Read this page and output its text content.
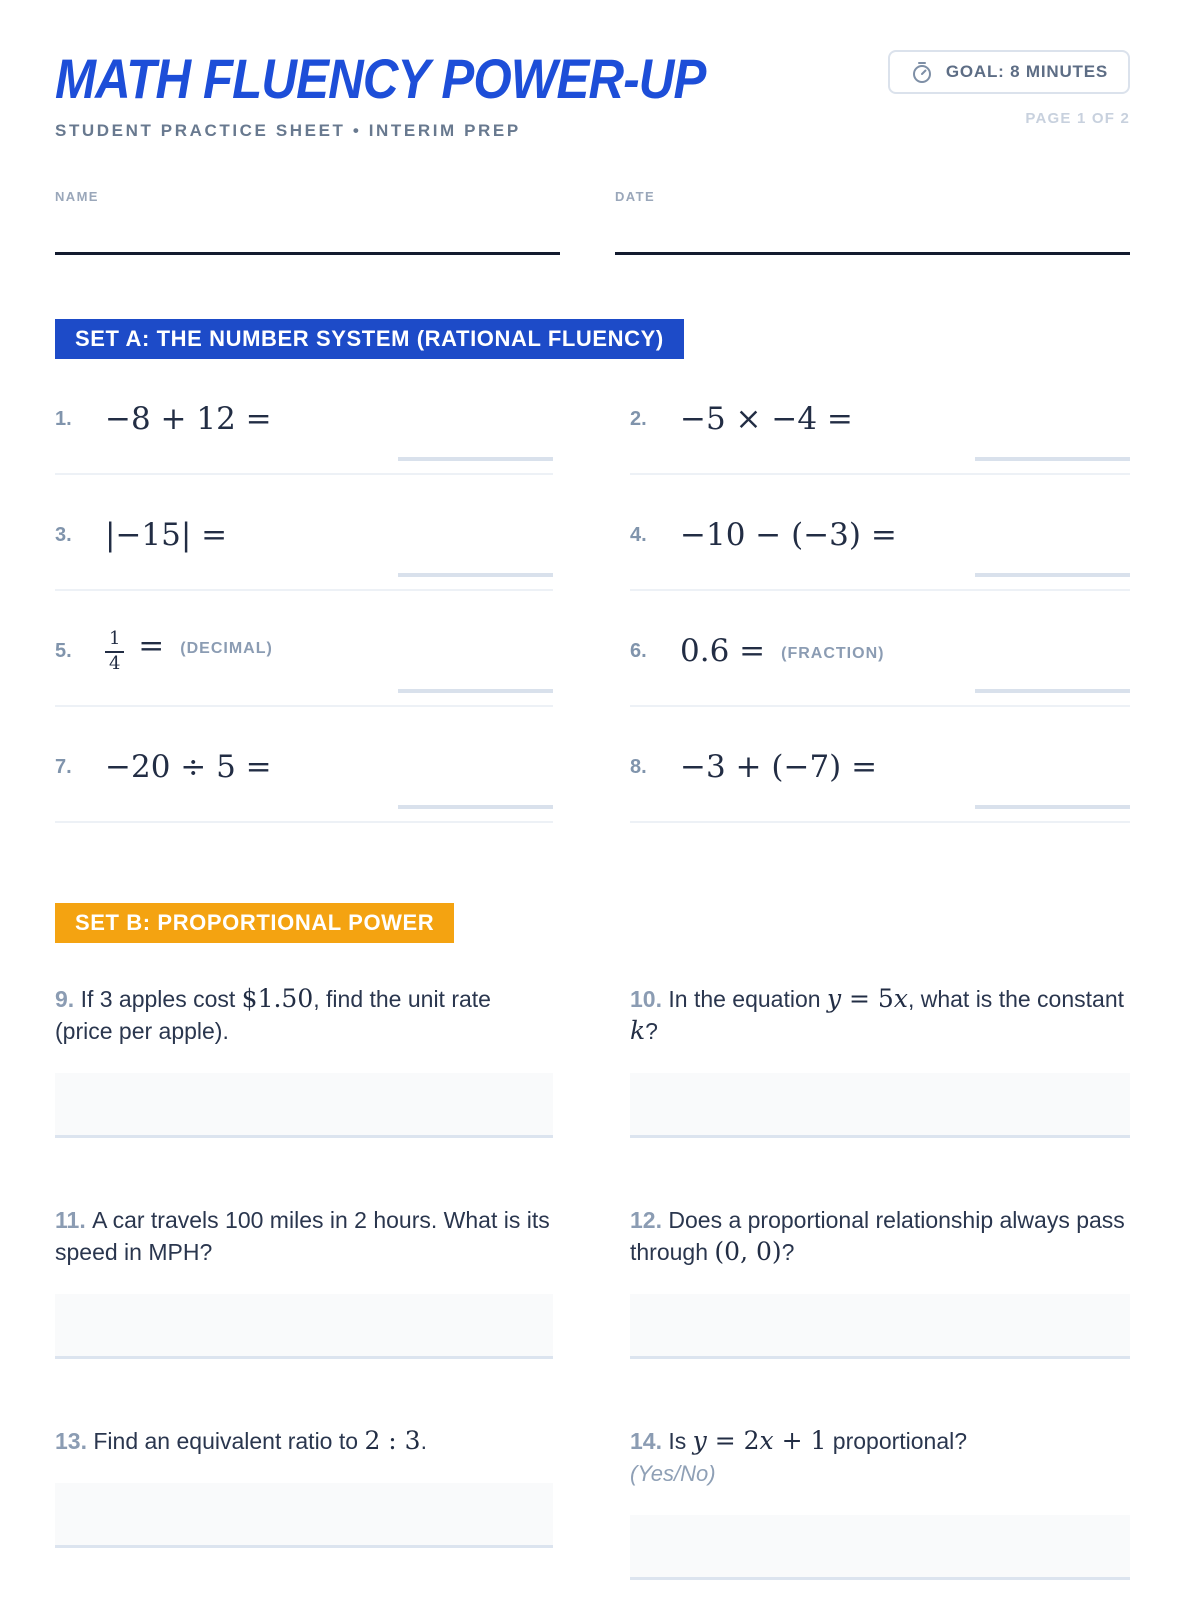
MATH FLUENCY POWER-UP
STUDENT PRACTICE SHEET • INTERIM PREP
GOAL: 8 MINUTES
PAGE 1 OF 2
NAME	DATE
SET A: THE NUMBER SYSTEM (RATIONAL FLUENCY)
1.	−8 + 12 =	2.	−5 × −4 =
3.	|−15| =	4.	−10 − (−3) =
5.	$\frac{1}{4}$ = (DECIMAL)	6.	0.6 = (FRACTION)
7.	−20 ÷ 5 =	8.	−3 + (−7) =
SET B: PROPORTIONAL POWER
9. If 3 apples cost $1.50, find the unit rate (price per apple).
10. In the equation y = 5x, what is the constant k?
11. A car travels 100 miles in 2 hours. What is its speed in MPH?
12. Does a proportional relationship always pass through (0, 0)?
13. Find an equivalent ratio to 2 : 3.	14. Is y = 2x + 1 proportional?
(Yes/No)
